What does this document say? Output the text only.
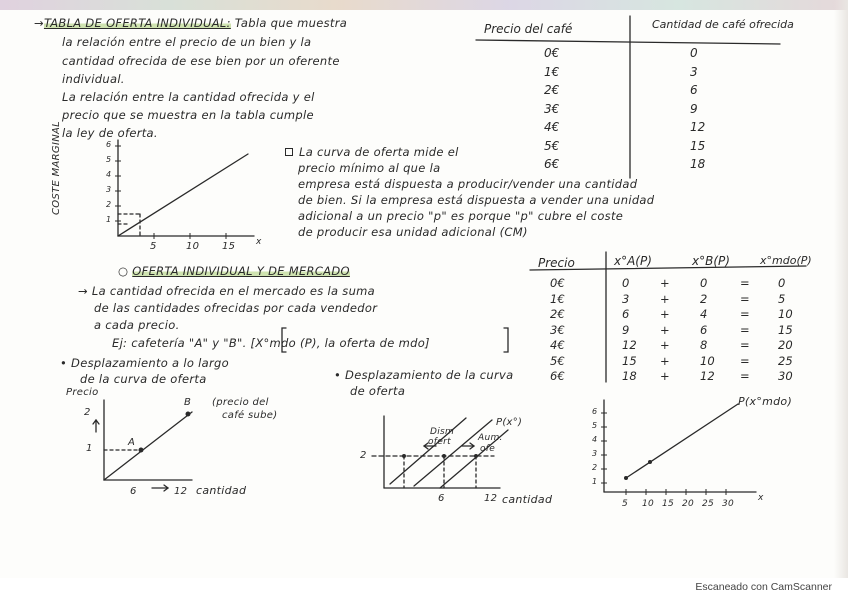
→TABLA DE OFERTA INDIVIDUAL: Tabla que muestra
la relación entre el precio de un bien y la
cantidad ofrecida de ese bien por un oferente
individual.
La relación entre la cantidad ofrecida y el
precio que se muestra en la tabla cumple
la ley de oferta.
Precio del café	Cantidad de café ofrecida
0€	0
1€	3
2€	6
3€	9
4€	12
5€	15
6€	18
La curva de oferta mide el
precio mínimo al que la
empresa está dispuesta a producir/vender una cantidad
de bien. Si la empresa está dispuesta a vender una unidad
adicional a un precio "p" es porque "p" cubre el coste
de producir esa unidad adicional (CM)
○ OFERTA INDIVIDUAL Y DE MERCADO
→ La cantidad ofrecida en el mercado es la suma
de las cantidades ofrecidas por cada vendedor
a cada precio.
Ej: cafetería "A" y "B". [X°mdo (P), la oferta de mdo]
Precio	x°A(P)	x°B(P)	x°mdo(P)
0€	0	+	0	= 0
1€	3	+	2	= 5
2€	6	+	4	= 10
3€	9	+	6	= 15
4€	12 +	8	= 20
5€	15 +	10 = 25
6€	18 +	12 = 30
• Desplazamiento a lo largo
de la curva de oferta
Precio
2
1
6	12 cantidad
A
B (precio del
café sube)
• Desplazamiento de la curva
de oferta
2
P(x°)
Dism
ofert	Aum.
ofe
6	12 cantidad
P(x°mdo)
6
5
4
3
2
1
5 10 15 20 25 30
x
COSTE MARGINAL	6
5
4
3
2
1
5	10 15 x
Escaneado con CamScanner
